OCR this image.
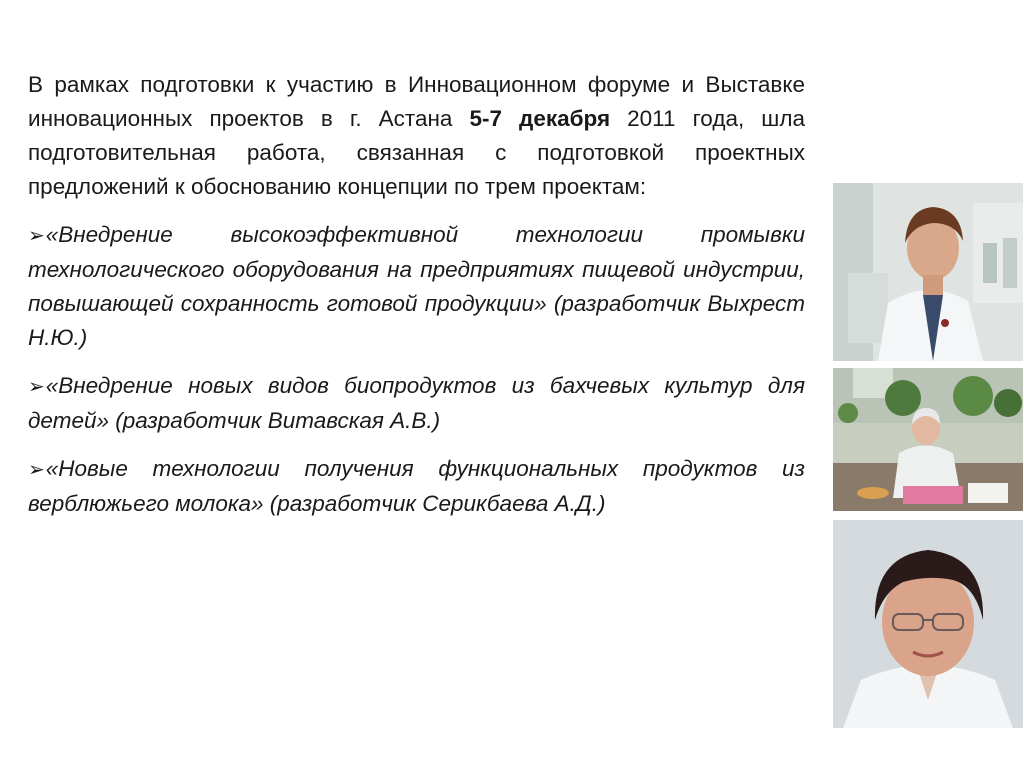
В рамках подготовки к участию в Инновационном форуме и Выставке инновационных проектов в г. Астана 5-7 декабря 2011 года, шла подготовительная работа, связанная с подготовкой проектных предложений к обоснованию концепции по трем проектам:

➢«Внедрение высокоэффективной технологии промывки технологического оборудования на предприятиях пищевой индустрии, повышающей сохранность готовой продукции» (разработчик Выхрест Н.Ю.)

➢«Внедрение новых видов биопродуктов из бахчевых культур для детей» (разработчик Витавская А.В.)

➢«Новые технологии получения функциональных продуктов из верблюжьего молока» (разработчик Серикбаева А.Д.)
